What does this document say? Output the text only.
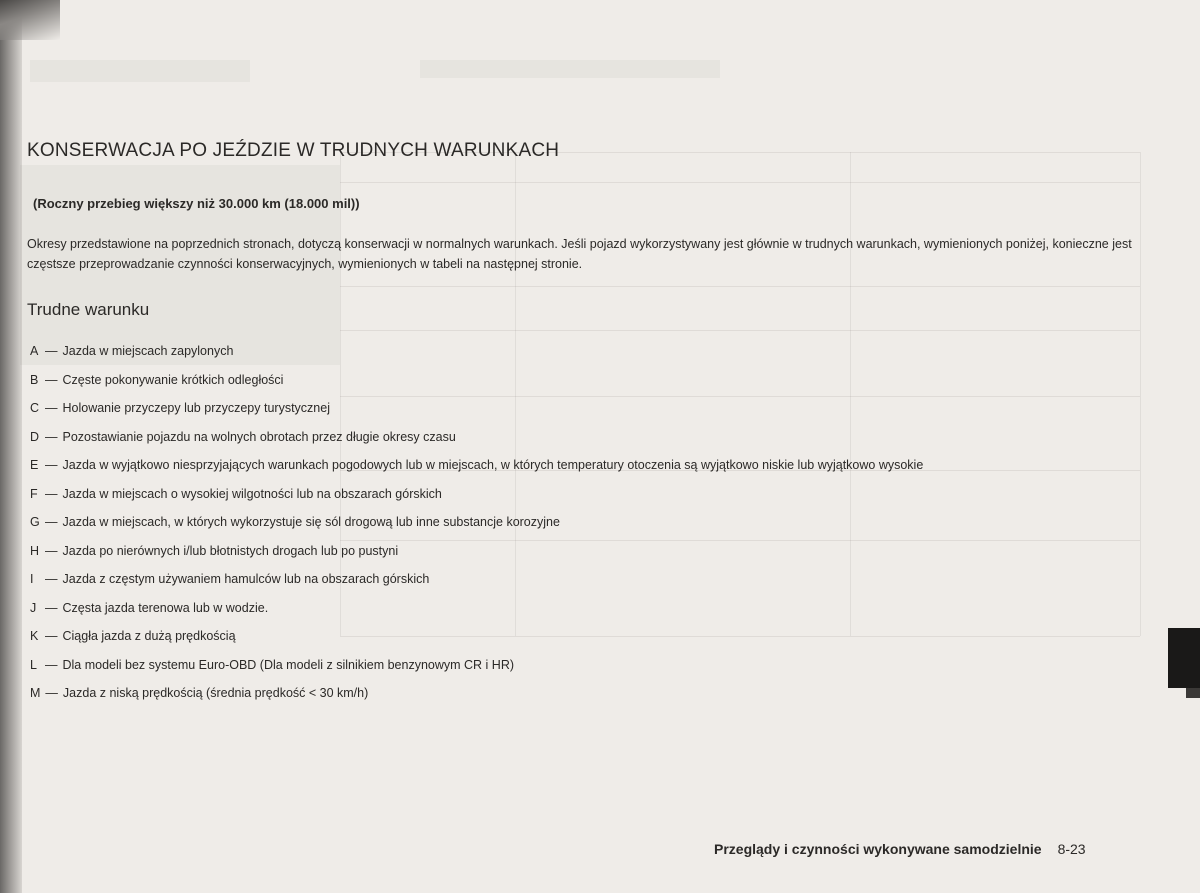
KONSERWACJA PO JEŹDZIE W TRUDNYCH WARUNKACH
(Roczny przebieg większy niż 30.000 km (18.000 mil))

Okresy przedstawione na poprzednich stronach, dotyczą konserwacji w normalnych warunkach. Jeśli pojazd wykorzystywany jest głównie w trudnych warunkach, wymienionych poniżej, konieczne jest częstsze przeprowadzanie czynności konserwacyjnych, wymienionych w tabeli na następnej stronie.

Trudne warunku
A — Jazda w miejscach zapylonych
B — Częste pokonywanie krótkich odległości
C — Holowanie przyczepy lub przyczepy turystycznej
D — Pozostawianie pojazdu na wolnych obrotach przez długie okresy czasu
E — Jazda w wyjątkowo niesprzyjających warunkach pogodowych lub w miejscach, w których temperatury otoczenia są wyjątkowo niskie lub wyjątkowo wysokie
F — Jazda w miejscach o wysokiej wilgotności lub na obszarach górskich
G — Jazda w miejscach, w których wykorzystuje się sól drogową lub inne substancje korozyjne
H — Jazda po nierównych i/lub błotnistych drogach lub po pustyni
I — Jazda z częstym używaniem hamulców lub na obszarach górskich
J — Częsta jazda terenowa lub w wodzie.
K — Ciągła jazda z dużą prędkością
L — Dla modeli bez systemu Euro-OBD (Dla modeli z silnikiem benzynowym CR i HR)
M — Jazda z niską prędkością (średnia prędkość < 30 km/h)
Przeglądy i czynności wykonywane samodzielnie 8-23
